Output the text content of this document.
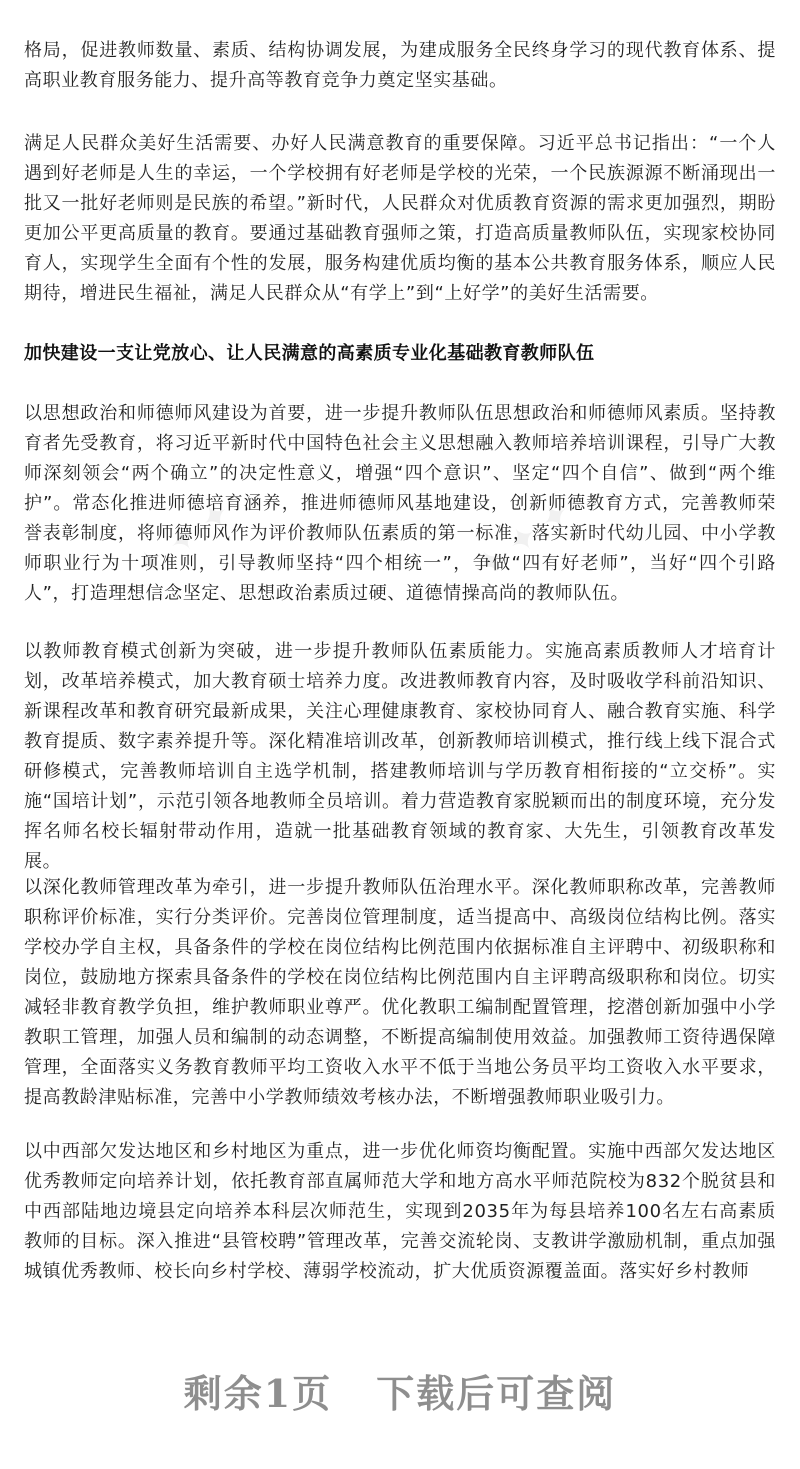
✦ ✦ ✦	✦ ✦ ✦

格局，促进教师数量、素质、结构协调发展，为建成服务全民终身学习的现代教育体系、提高职业教育服务能力、提升高等教育竞争力奠定坚实基础。

满足人民群众美好生活需要、办好人民满意教育的重要保障。习近平总书记指出：“一个人遇到好老师是人生的幸运，一个学校拥有好老师是学校的光荣，一个民族源源不断涌现出一批又一批好老师则是民族的希望。”新时代，人民群众对优质教育资源的需求更加强烈，期盼更加公平更高质量的教育。要通过基础教育强师之策，打造高质量教师队伍，实现家校协同育人，实现学生全面有个性的发展，服务构建优质均衡的基本公共教育服务体系，顺应人民期待，增进民生福祉，满足人民群众从“有学上”到“上好学”的美好生活需要。

加快建设一支让党放心、让人民满意的高素质专业化基础教育教师队伍

以思想政治和师德师风建设为首要，进一步提升教师队伍思想政治和师德师风素质。坚持教育者先受教育，将习近平新时代中国特色社会主义思想融入教师培养培训课程，引导广大教师深刻领会“两个确立”的决定性意义，增强“四个意识”、坚定“四个自信”、做到“两个维护”。常态化推进师德培育涵养，推进师德师风基地建设，创新师德教育方式，完善教师荣誉表彰制度，将师德师风作为评价教师队伍素质的第一标准，落实新时代幼儿园、中小学教师职业行为十项准则，引导教师坚持“四个相统一”，争做“四有好老师”，当好“四个引路人”，打造理想信念坚定、思想政治素质过硬、道德情操高尚的教师队伍。

以教师教育模式创新为突破，进一步提升教师队伍素质能力。实施高素质教师人才培育计划，改革培养模式，加大教育硕士培养力度。改进教师教育内容，及时吸收学科前沿知识、新课程改革和教育研究最新成果，关注心理健康教育、家校协同育人、融合教育实施、科学教育提质、数字素养提升等。深化精准培训改革，创新教师培训模式，推行线上线下混合式研修模式，完善教师培训自主选学机制，搭建教师培训与学历教育相衔接的“立交桥”。实施“国培计划”，示范引领各地教师全员培训。着力营造教育家脱颖而出的制度环境，充分发挥名师名校长辐射带动作用，造就一批基础教育领域的教育家、大先生，引领教育改革发展。

以深化教师管理改革为牵引，进一步提升教师队伍治理水平。深化教师职称改革，完善教师职称评价标准，实行分类评价。完善岗位管理制度，适当提高中、高级岗位结构比例。落实学校办学自主权，具备条件的学校在岗位结构比例范围内依据标准自主评聘中、初级职称和岗位，鼓励地方探索具备条件的学校在岗位结构比例范围内自主评聘高级职称和岗位。切实减轻非教育教学负担，维护教师职业尊严。优化教职工编制配置管理，挖潜创新加强中小学教职工管理，加强人员和编制的动态调整，不断提高编制使用效益。加强教师工资待遇保障管理，全面落实义务教育教师平均工资收入水平不低于当地公务员平均工资收入水平要求，提高教龄津贴标准，完善中小学教师绩效考核办法，不断增强教师职业吸引力。

以中西部欠发达地区和乡村地区为重点，进一步优化师资均衡配置。实施中西部欠发达地区优秀教师定向培养计划，依托教育部直属师范大学和地方高水平师范院校为832个脱贫县和中西部陆地边境县定向培养本科层次师范生，实现到2035年为每县培养100名左右高素质教师的目标。深入推进“县管校聘”管理改革，完善交流轮岗、支教讲学激励机制，重点加强城镇优秀教师、校长向乡村学校、薄弱学校流动，扩大优质资源覆盖面。落实好乡村教师

剩余1页 下载后可查阅
